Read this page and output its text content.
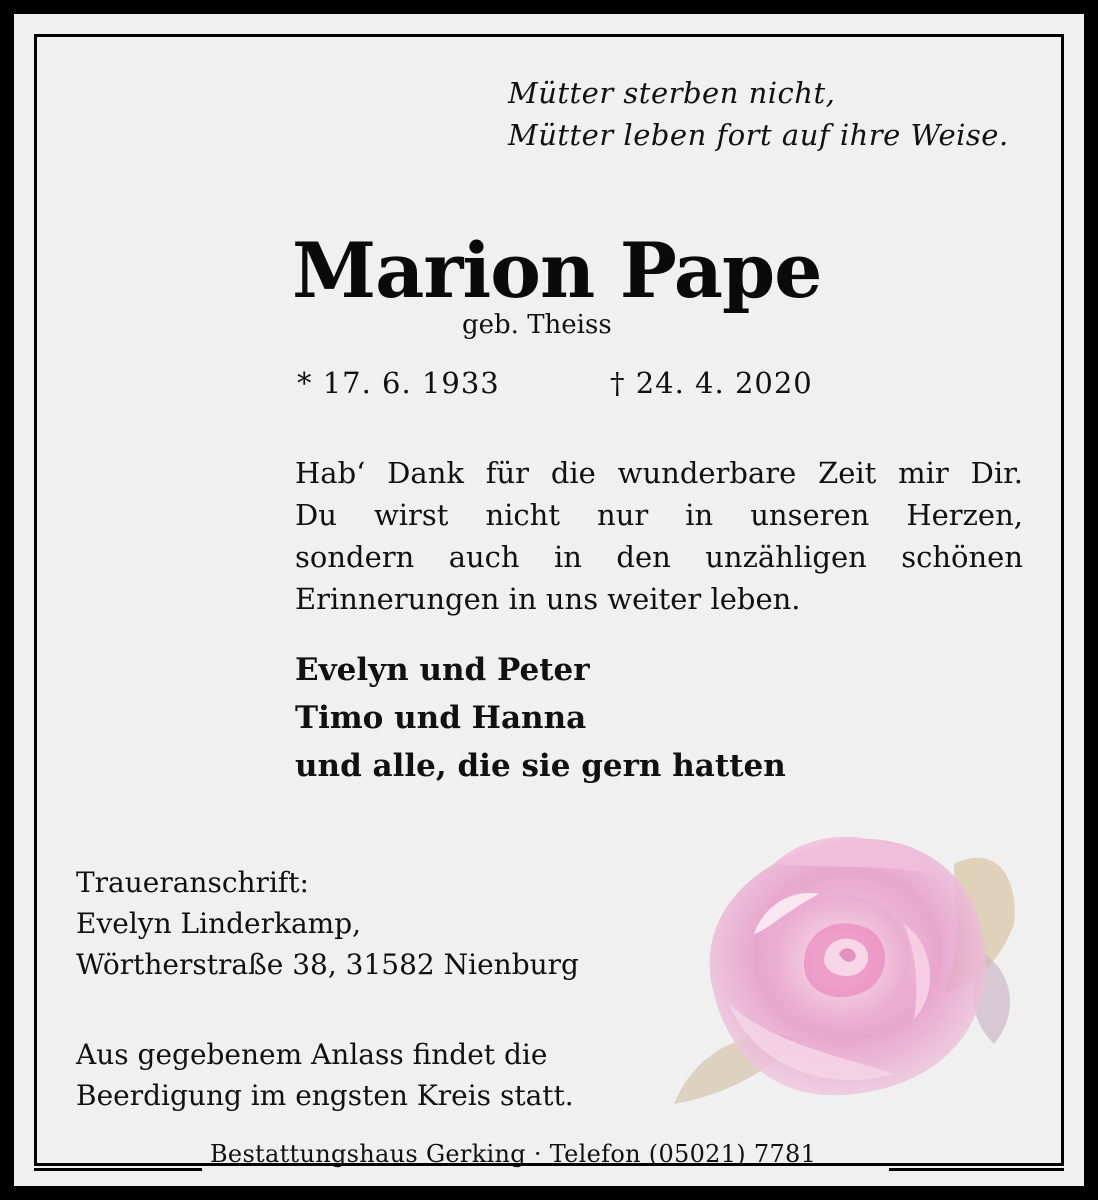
Mütter sterben nicht,
Mütter leben fort auf ihre Weise.
Marion Pape
geb. Theiss
* 17. 6. 1933	† 24. 4. 2020
Hab‘ Dank für die wunderbare Zeit mir Dir.
Du wirst nicht nur in unseren Herzen,
sondern auch in den unzähligen schönen
Erinnerungen in uns weiter leben.
Evelyn und Peter
Timo und Hanna
und alle, die sie gern hatten
Traueranschrift:
Evelyn Linderkamp,
Wörtherstraße 38, 31582 Nienburg
Aus gegebenem Anlass findet die
Beerdigung im engsten Kreis statt.
Bestattungshaus Gerking · Telefon (05021) 7781
